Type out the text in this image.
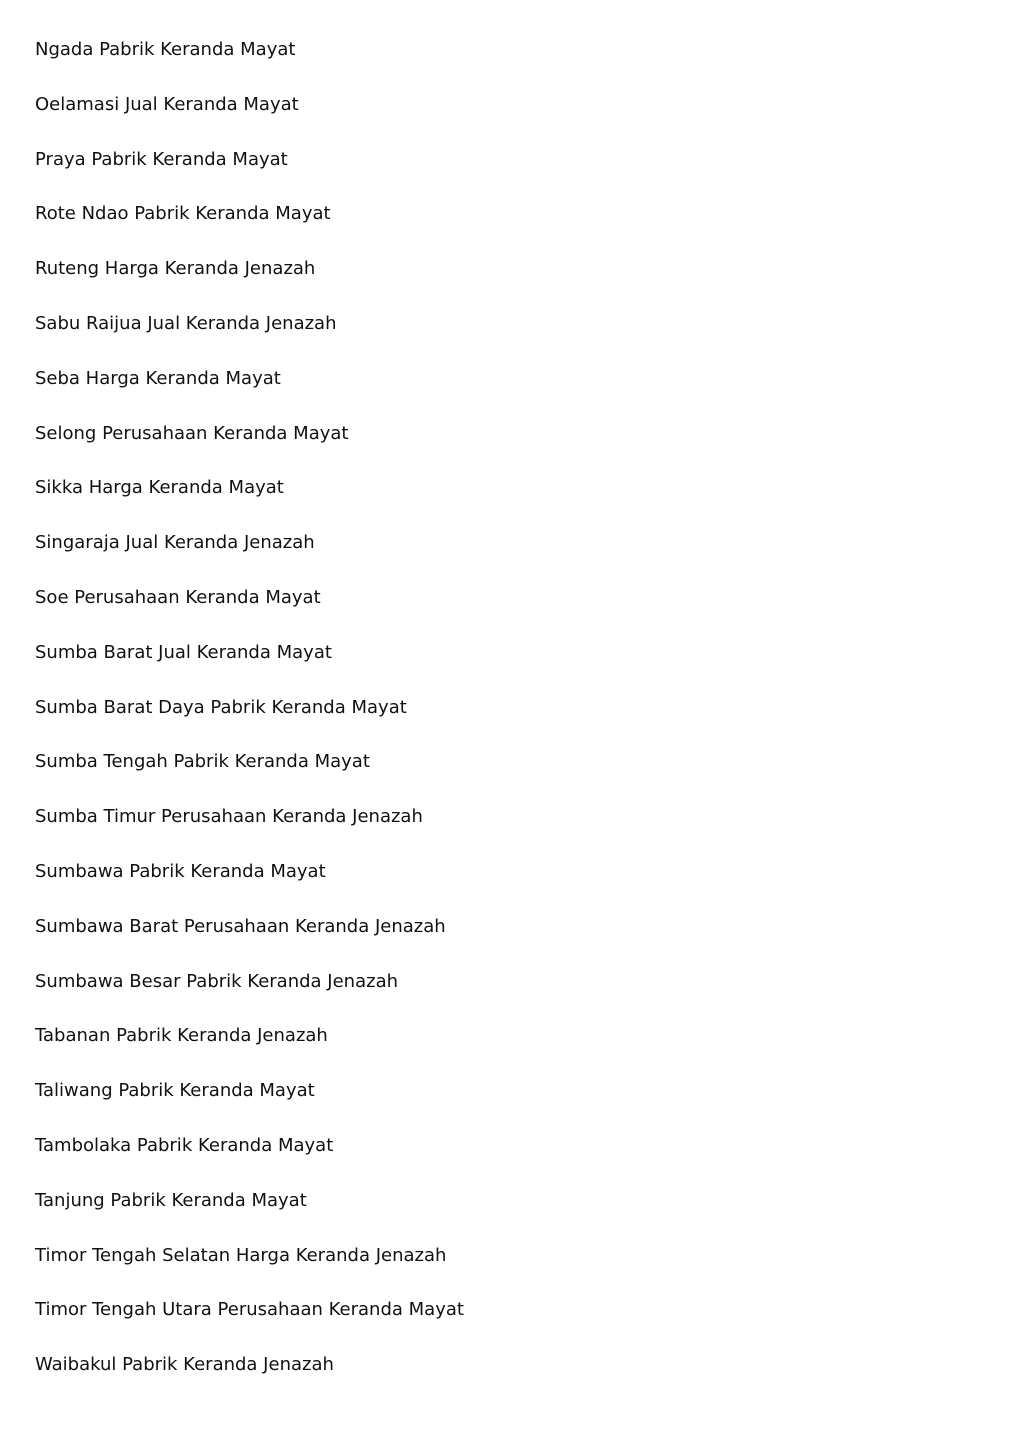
Ngada Pabrik Keranda Mayat
Oelamasi Jual Keranda Mayat
Praya Pabrik Keranda Mayat
Rote Ndao Pabrik Keranda Mayat
Ruteng Harga Keranda Jenazah
Sabu Raijua Jual Keranda Jenazah
Seba Harga Keranda Mayat
Selong Perusahaan Keranda Mayat
Sikka Harga Keranda Mayat
Singaraja Jual Keranda Jenazah
Soe Perusahaan Keranda Mayat
Sumba Barat Jual Keranda Mayat
Sumba Barat Daya Pabrik Keranda Mayat
Sumba Tengah Pabrik Keranda Mayat
Sumba Timur Perusahaan Keranda Jenazah
Sumbawa Pabrik Keranda Mayat
Sumbawa Barat Perusahaan Keranda Jenazah
Sumbawa Besar Pabrik Keranda Jenazah
Tabanan Pabrik Keranda Jenazah
Taliwang Pabrik Keranda Mayat
Tambolaka Pabrik Keranda Mayat
Tanjung Pabrik Keranda Mayat
Timor Tengah Selatan Harga Keranda Jenazah
Timor Tengah Utara Perusahaan Keranda Mayat
Waibakul Pabrik Keranda Jenazah
